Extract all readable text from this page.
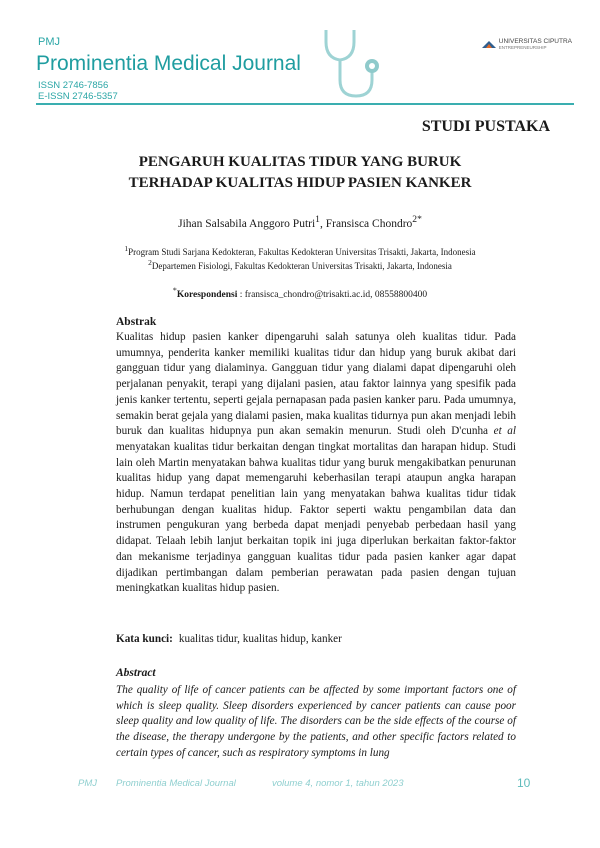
PMJ
Prominentia Medical Journal
ISSN 2746-7856
E-ISSN 2746-5357
UNIVERSITAS CIPUTRA
ENTREPRENEURSHIP
STUDI PUSTAKA
PENGARUH KUALITAS TIDUR YANG BURUK
TERHADAP KUALITAS HIDUP PASIEN KANKER
Jihan Salsabila Anggoro Putri$^1$, Fransisca Chondro$^{2*}$
$^1$Program Studi Sarjana Kedokteran, Fakultas Kedokteran Universitas Trisakti, Jakarta, Indonesia
$^2$Departemen Fisiologi, Fakultas Kedokteran Universitas Trisakti, Jakarta, Indonesia
*Korespondensi : fransisca_chondro@trisakti.ac.id, 08558800400
Abstrak

Kualitas hidup pasien kanker dipengaruhi salah satunya oleh kualitas tidur. Pada umumnya, penderita kanker memiliki kualitas tidur dan hidup yang buruk akibat dari gangguan tidur yang dialaminya. Gangguan tidur yang dialami dapat dipengaruhi oleh perjalanan penyakit, terapi yang dijalani pasien, atau faktor lainnya yang spesifik pada jenis kanker tertentu, seperti gejala pernapasan pada pasien kanker paru. Pada umumnya, semakin berat gejala yang dialami pasien, maka kualitas tidurnya pun akan menjadi lebih buruk dan kualitas hidupnya pun akan semakin menurun. Studi oleh D'cunha et al menyatakan kualitas tidur berkaitan dengan tingkat mortalitas dan harapan hidup. Studi lain oleh Martin menyatakan bahwa kualitas tidur yang buruk mengakibatkan penurunan kualitas hidup yang dapat memengaruhi keberhasilan terapi ataupun angka harapan hidup. Namun terdapat penelitian lain yang menyatakan bahwa kualitas tidur tidak berhubungan dengan kualitas hidup. Faktor seperti waktu pengambilan data dan instrumen pengukuran yang berbeda dapat menjadi penyebab perbedaan hasil yang didapat. Telaah lebih lanjut berkaitan topik ini juga diperlukan berkaitan faktor-faktor dan mekanisme terjadinya gangguan kualitas tidur pada pasien kanker agar dapat dijadikan pertimbangan dalam pemberian perawatan pada pasien dengan tujuan meningkatkan kualitas hidup pasien.

Kata kunci: kualitas tidur, kualitas hidup, kanker
Abstract

The quality of life of cancer patients can be affected by some important factors one of which is sleep quality. Sleep disorders experienced by cancer patients can cause poor sleep quality and low quality of life. The disorders can be the side effects of the course of the disease, the therapy undergone by the patients, and other specific factors related to certain types of cancer, such as respiratory symptoms in lung

PMJ Prominentia Medical Journal	volume 4, nomor 1, tahun 2023	10
